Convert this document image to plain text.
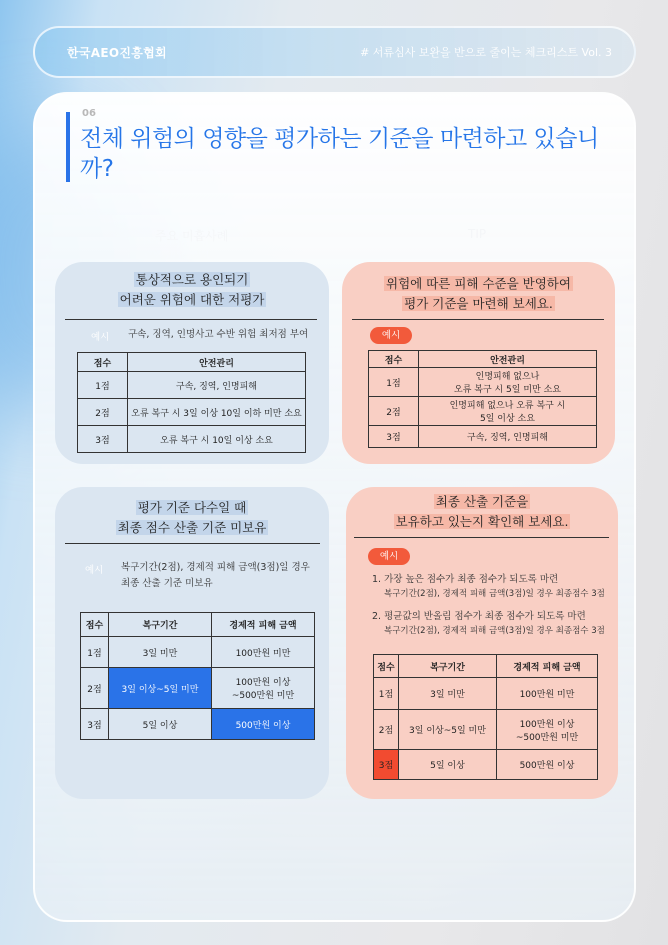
한국AEO진흥협회	# 서류심사 보완을 반으로 줄이는 체크리스트 Vol. 3
06
전체 위험의 영향을 평가하는 기준을 마련하고 있습니까?
주요 미흡사례	TIP
통상적으로 용인되기
어려운 위험에 대한 저평가
예시 구속, 징역, 인명사고 수반 위험 최저점 부여
점수	안전관리
1점	구속, 징역, 인명피해
2점	오류 복구 시 3일 이상 10일 이하 미만 소요
3점	오류 복구 시 10일 이상 소요
위험에 따른 피해 수준을 반영하여
평가 기준을 마련해 보세요.
예시
점수	안전관리
1점	인명피해 없으나
오류 복구 시 5일 미만 소요
2점	인명피해 없으나 오류 복구 시
5일 이상 소요
3점	구속, 징역, 인명피해
평가 기준 다수일 때
최종 점수 산출 기준 미보유
예시 복구기간(2점), 경제적 피해 금액(3점)일 경우
최종 산출 기준 미보유
점수	복구기간	경제적 피해 금액
1점	3일 미만	100만원 미만
2점	3일 이상~5일 미만	100만원 이상
~500만원 미만
3점	5일 이상	500만원 이상
최종 산출 기준을
보유하고 있는지 확인해 보세요.
예시
1. 가장 높은 점수가 최종 점수가 되도록 마련
복구기간(2점), 경제적 피해 금액(3점)일 경우 최종점수 3점
2. 평균값의 반올림 점수가 최종 점수가 되도록 마련
복구기간(2점), 경제적 피해 금액(3점)일 경우 최종점수 3점
점수	복구기간	경제적 피해 금액
1점	3일 미만	100만원 미만
2점	3일 이상~5일 미만	100만원 이상
~500만원 미만
3점	5일 이상	500만원 이상
